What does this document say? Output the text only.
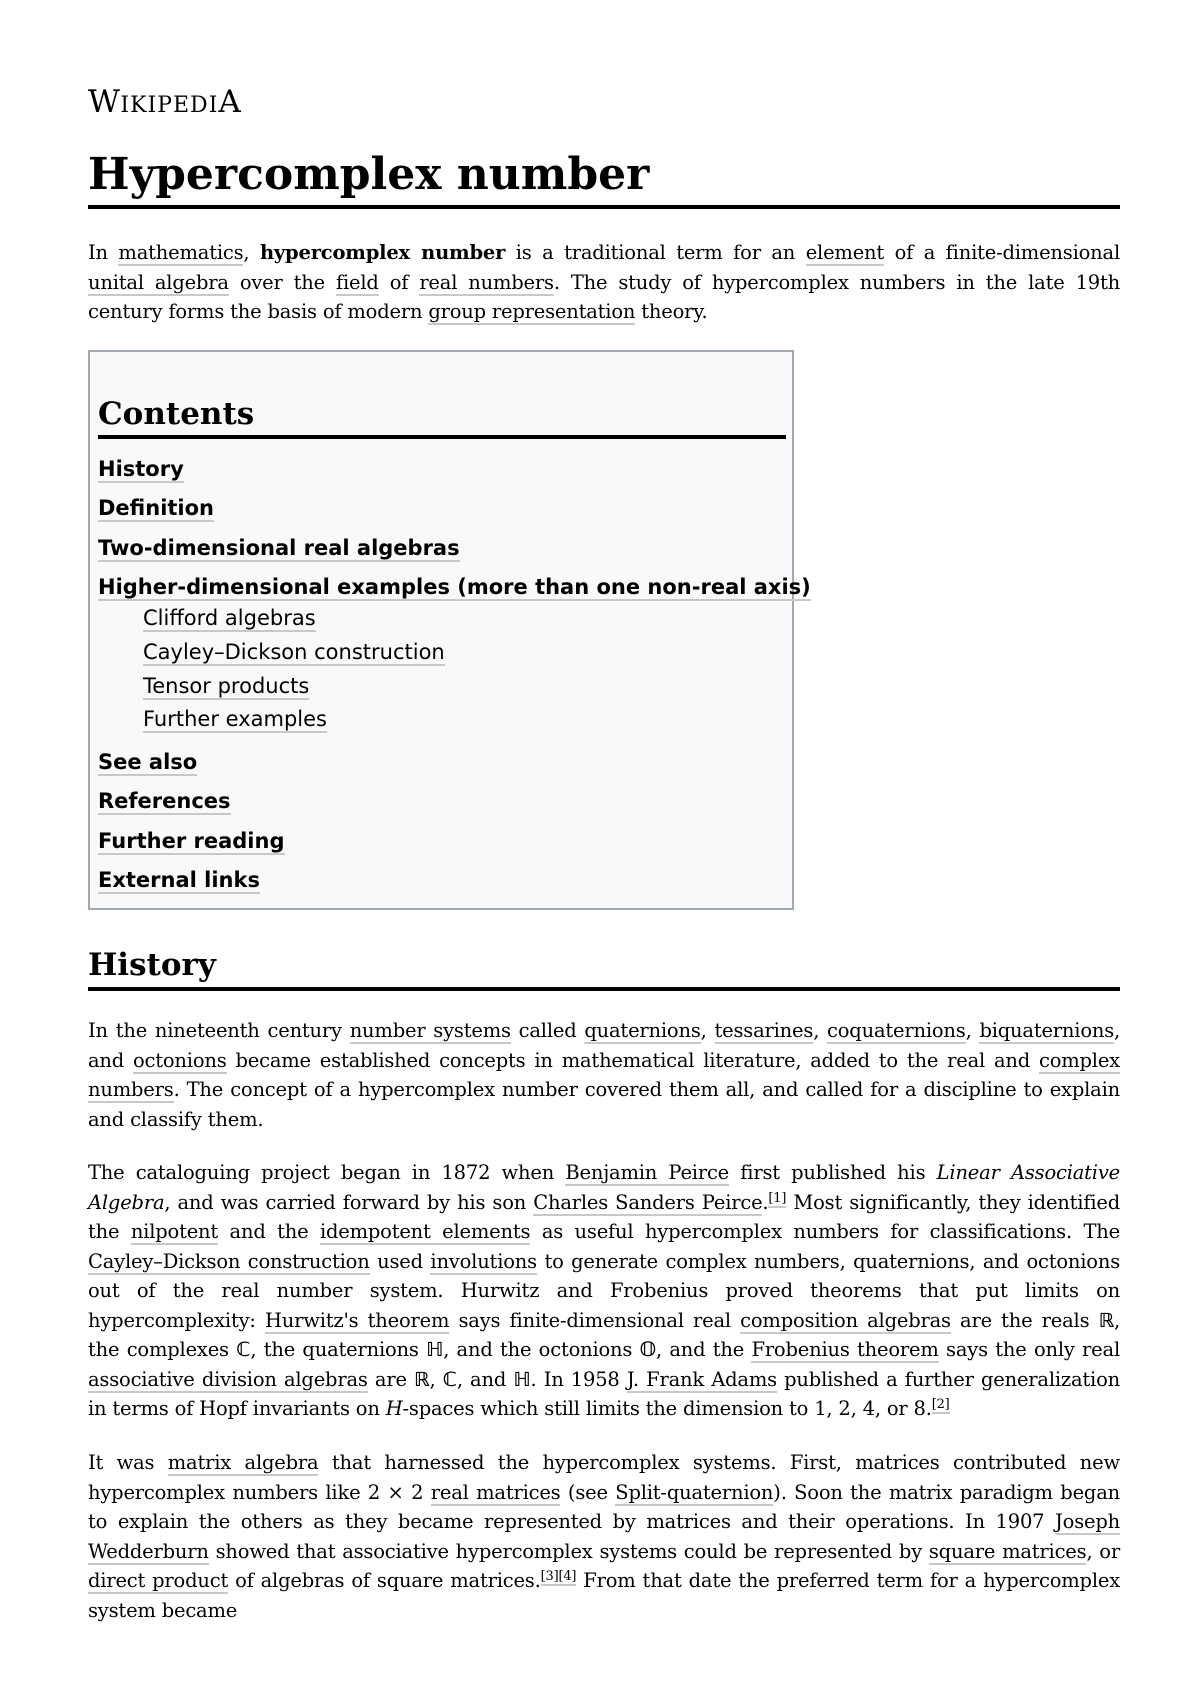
WIKIPEDIA
Hypercomplex number

In mathematics, hypercomplex number is a traditional term for an element of a finite-dimensional unital algebra over the field of real numbers. The study of hypercomplex numbers in the late 19th century forms the basis of modern group representation theory.

Contents
History
Definition
Two-dimensional real algebras
Higher-dimensional examples (more than one non-real axis)
Clifford algebras
Cayley–Dickson construction
Tensor products
Further examples
See also
References
Further reading
External links
History

In the nineteenth century number systems called quaternions, tessarines, coquaternions, biquaternions, and octonions became established concepts in mathematical literature, added to the real and complex numbers. The concept of a hypercomplex number covered them all, and called for a discipline to explain and classify them.

The cataloguing project began in 1872 when Benjamin Peirce first published his Linear Associative Algebra, and was carried forward by his son Charles Sanders Peirce.[1] Most significantly, they identified the nilpotent and the idempotent elements as useful hypercomplex numbers for classifications. The Cayley–Dickson construction used involutions to generate complex numbers, quaternions, and octonions out of the real number system. Hurwitz and Frobenius proved theorems that put limits on hypercomplexity: Hurwitz's theorem says finite-dimensional real composition algebras are the reals ℝ, the complexes ℂ, the quaternions ℍ, and the octonions 𝕆, and the Frobenius theorem says the only real associative division algebras are ℝ, ℂ, and ℍ. In 1958 J. Frank Adams published a further generalization in terms of Hopf invariants on H-spaces which still limits the dimension to 1, 2, 4, or 8.[2]

It was matrix algebra that harnessed the hypercomplex systems. First, matrices contributed new hypercomplex numbers like 2 × 2 real matrices (see Split-quaternion). Soon the matrix paradigm began to explain the others as they became represented by matrices and their operations. In 1907 Joseph Wedderburn showed that associative hypercomplex systems could be represented by square matrices, or direct product of algebras of square matrices.[3][4] From that date the preferred term for a hypercomplex system became
